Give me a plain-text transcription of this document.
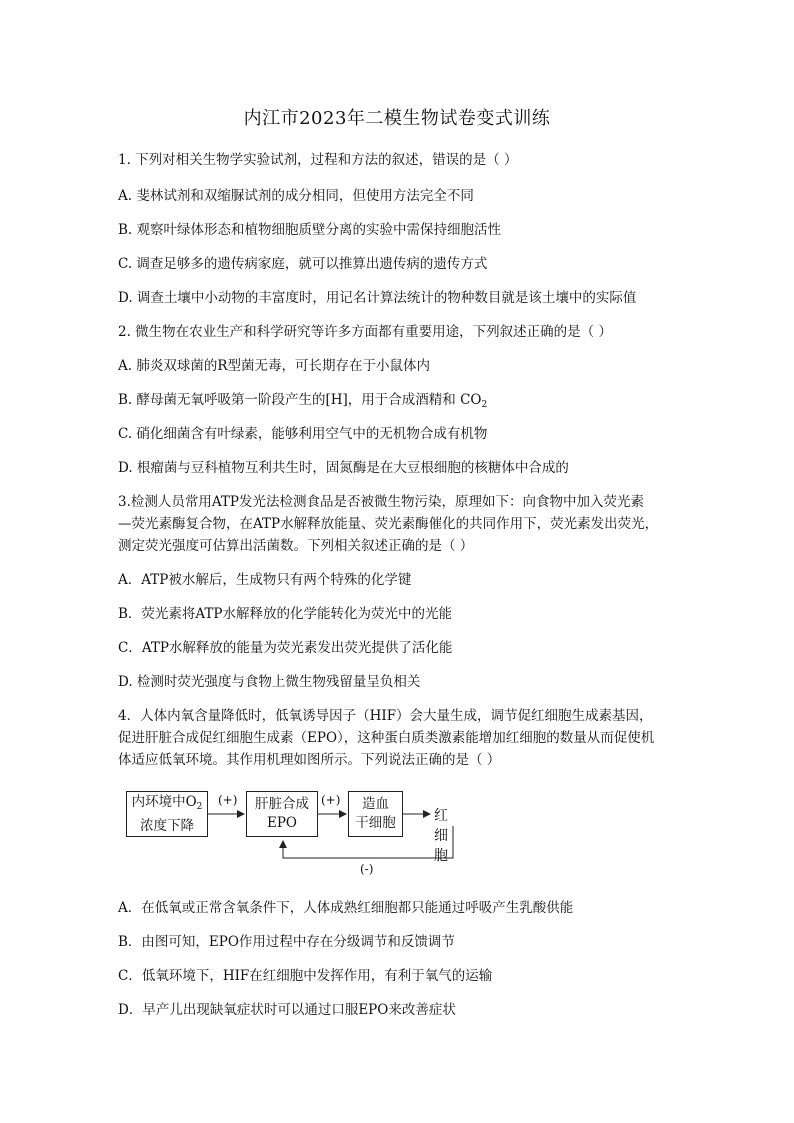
内江市2023年二模生物试卷变式训练
1. 下列对相关生物学实验试剂，过程和方法的叙述，错误的是（ ）
A. 斐林试剂和双缩脲试剂的成分相同，但使用方法完全不同
B. 观察叶绿体形态和植物细胞质壁分离的实验中需保持细胞活性
C. 调查足够多的遗传病家庭，就可以推算出遗传病的遗传方式
D. 调查土壤中小动物的丰富度时，用记名计算法统计的物种数目就是该土壤中的实际值
2. 微生物在农业生产和科学研究等许多方面都有重要用途，下列叙述正确的是（ ）
A. 肺炎双球菌的R型菌无毒，可长期存在于小鼠体内
B. 酵母菌无氧呼吸第一阶段产生的[H]，用于合成酒精和 $CO_2$
C. 硝化细菌含有叶绿素，能够利用空气中的无机物合成有机物
D. 根瘤菌与豆科植物互利共生时，固氮酶是在大豆根细胞的核糖体中合成的
3.检测人员常用ATP发光法检测食品是否被微生物污染，原理如下：向食物中加入荧光素
—荧光素酶复合物，在ATP水解释放能量、荧光素酶催化的共同作用下，荧光素发出荧光，
测定荧光强度可估算出活菌数。下列相关叙述正确的是（ ）
A．ATP被水解后，生成物只有两个特殊的化学键
B．荧光素将ATP水解释放的化学能转化为荧光中的光能
C．ATP水解释放的能量为荧光素发出荧光提供了活化能
D. 检测时荧光强度与食物上微生物残留量呈负相关
4．人体内氧含量降低时，低氧诱导因子（HIF）会大量生成，调节促红细胞生成素基因，
促进肝脏合成促红细胞生成素（EPO），这种蛋白质类激素能增加红细胞的数量从而促使机
体适应低氧环境。其作用机理如图所示。下列说法正确的是（ ）
内环境中$O_2$
浓度下降
肝脏合成
EPO
造血
干细胞	红细胞
(+)	(+)
(-)
A．在低氧或正常含氧条件下，人体成熟红细胞都只能通过呼吸产生乳酸供能
B．由图可知，EPO作用过程中存在分级调节和反馈调节
C．低氧环境下，HIF在红细胞中发挥作用，有利于氧气的运输
D．早产儿出现缺氧症状时可以通过口服EPO来改善症状
